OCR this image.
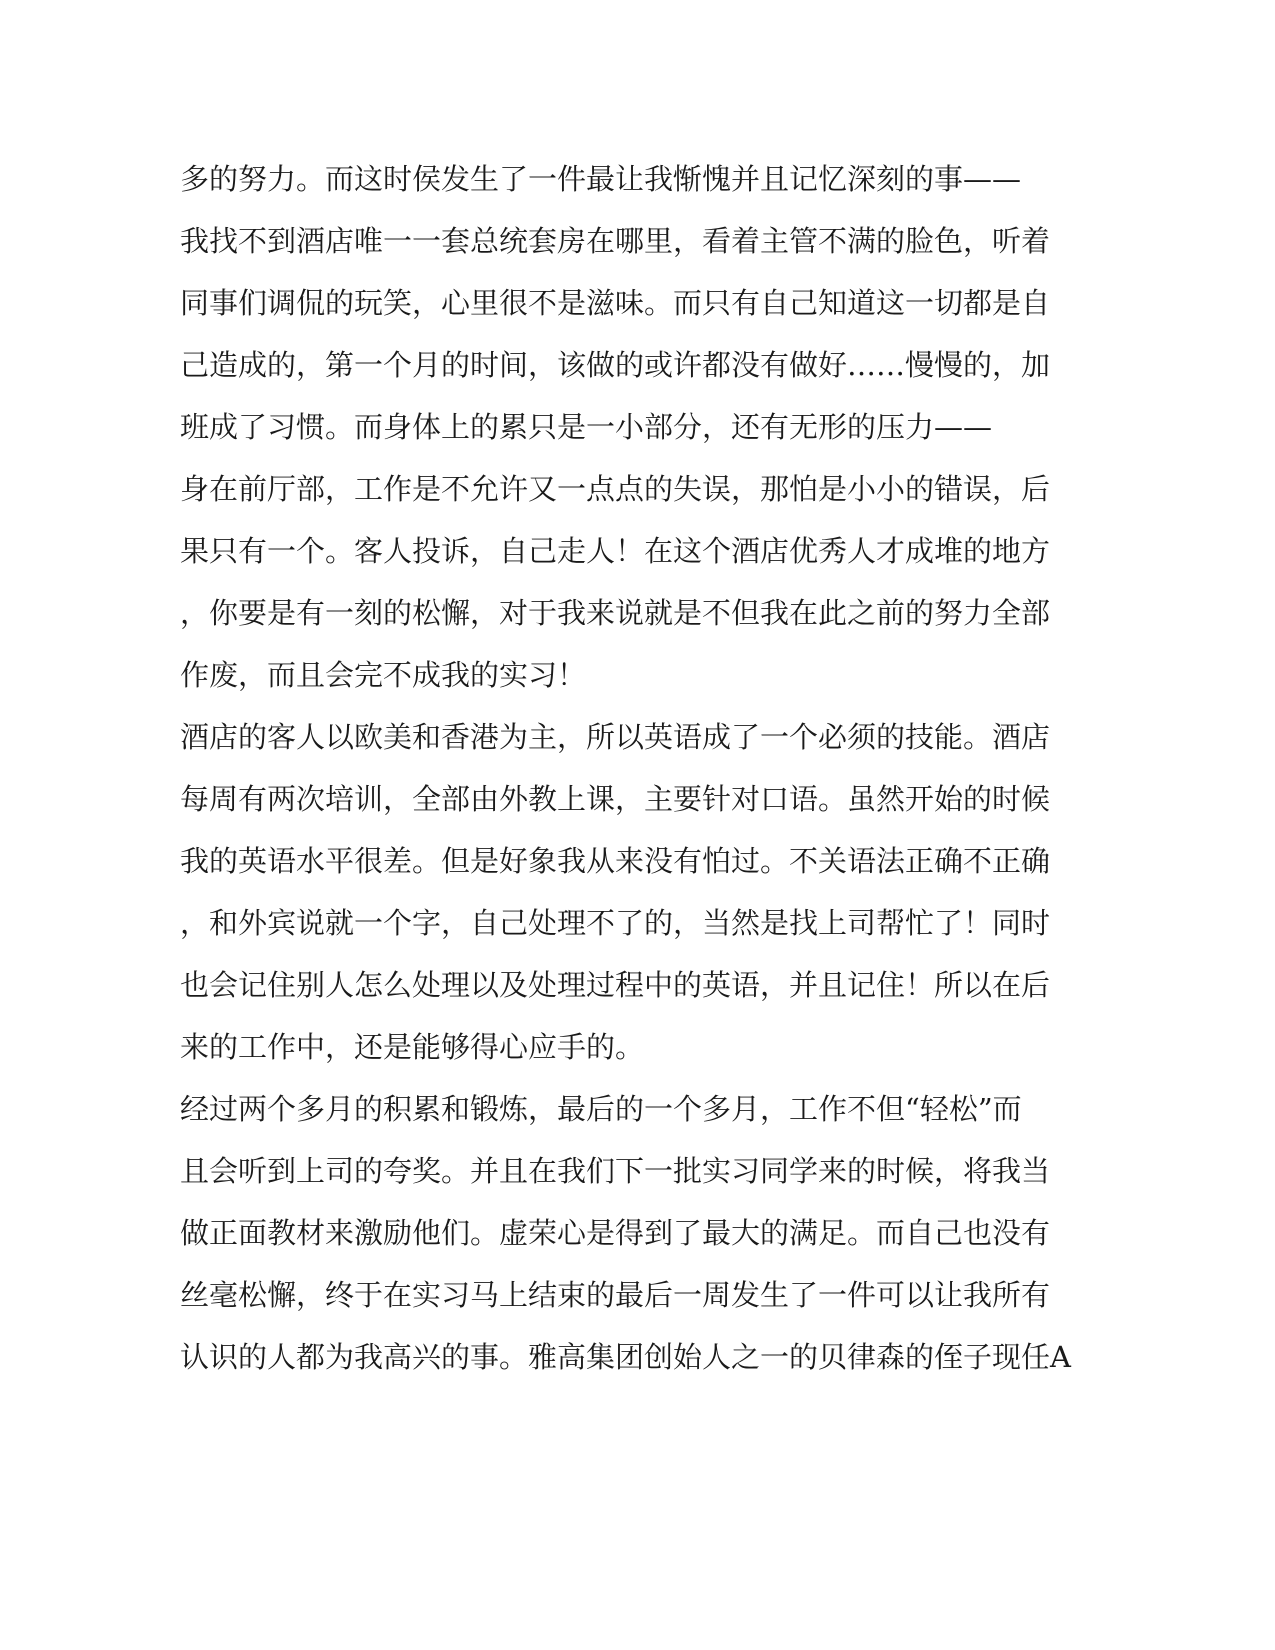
多的努力。而这时侯发生了一件最让我惭愧并且记忆深刻的事——
我找不到酒店唯一一套总统套房在哪里，看着主管不满的脸色，听着
同事们调侃的玩笑，心里很不是滋味。而只有自己知道这一切都是自
己造成的，第一个月的时间，该做的或许都没有做好……慢慢的，加
班成了习惯。而身体上的累只是一小部分，还有无形的压力——
身在前厅部，工作是不允许又一点点的失误，那怕是小小的错误，后
果只有一个。客人投诉，自己走人！在这个酒店优秀人才成堆的地方
，你要是有一刻的松懈，对于我来说就是不但我在此之前的努力全部
作废，而且会完不成我的实习！
酒店的客人以欧美和香港为主，所以英语成了一个必须的技能。酒店
每周有两次培训，全部由外教上课，主要针对口语。虽然开始的时候
我的英语水平很差。但是好象我从来没有怕过。不关语法正确不正确
，和外宾说就一个字，自己处理不了的，当然是找上司帮忙了！同时
也会记住别人怎么处理以及处理过程中的英语，并且记住！所以在后
来的工作中，还是能够得心应手的。
经过两个多月的积累和锻炼，最后的一个多月，工作不但“轻松”而
且会听到上司的夸奖。并且在我们下一批实习同学来的时候，将我当
做正面教材来激励他们。虚荣心是得到了最大的满足。而自己也没有
丝毫松懈，终于在实习马上结束的最后一周发生了一件可以让我所有
认识的人都为我高兴的事。雅高集团创始人之一的贝律森的侄子现任A
